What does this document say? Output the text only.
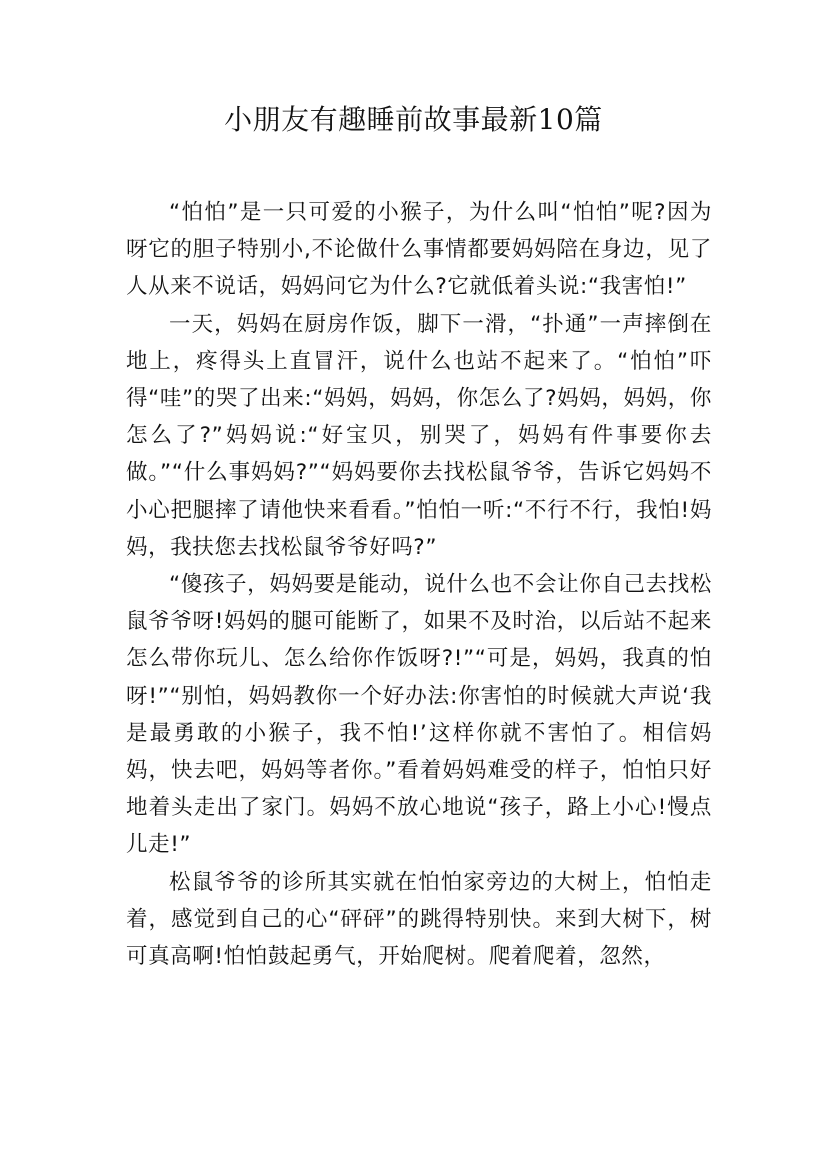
小朋友有趣睡前故事最新10篇

“怕怕”是一只可爱的小猴子，为什么叫“怕怕”呢?因为呀它的胆子特别小,不论做什么事情都要妈妈陪在身边，见了人从来不说话，妈妈问它为什么?它就低着头说:“我害怕!”

一天，妈妈在厨房作饭，脚下一滑，“扑通”一声摔倒在地上，疼得头上直冒汗，说什么也站不起来了。“怕怕”吓得“哇”的哭了出来:“妈妈，妈妈，你怎么了?妈妈，妈妈，你怎么了?”妈妈说:“好宝贝，别哭了，妈妈有件事要你去做。”“什么事妈妈?”“妈妈要你去找松鼠爷爷，告诉它妈妈不小心把腿摔了请他快来看看。”怕怕一听:“不行不行，我怕!妈妈，我扶您去找松鼠爷爷好吗?”

“傻孩子，妈妈要是能动，说什么也不会让你自己去找松鼠爷爷呀!妈妈的腿可能断了，如果不及时治，以后站不起来怎么带你玩儿、怎么给你作饭呀?!”“可是，妈妈，我真的怕呀!”“别怕，妈妈教你一个好办法:你害怕的时候就大声说‘我是最勇敢的小猴子，我不怕!’这样你就不害怕了。相信妈妈，快去吧，妈妈等者你。”看着妈妈难受的样子，怕怕只好地着头走出了家门。妈妈不放心地说“孩子，路上小心!慢点儿走!”

松鼠爷爷的诊所其实就在怕怕家旁边的大树上，怕怕走着，感觉到自己的心“砰砰”的跳得特别快。来到大树下，树可真高啊!怕怕鼓起勇气，开始爬树。爬着爬着，忽然，
